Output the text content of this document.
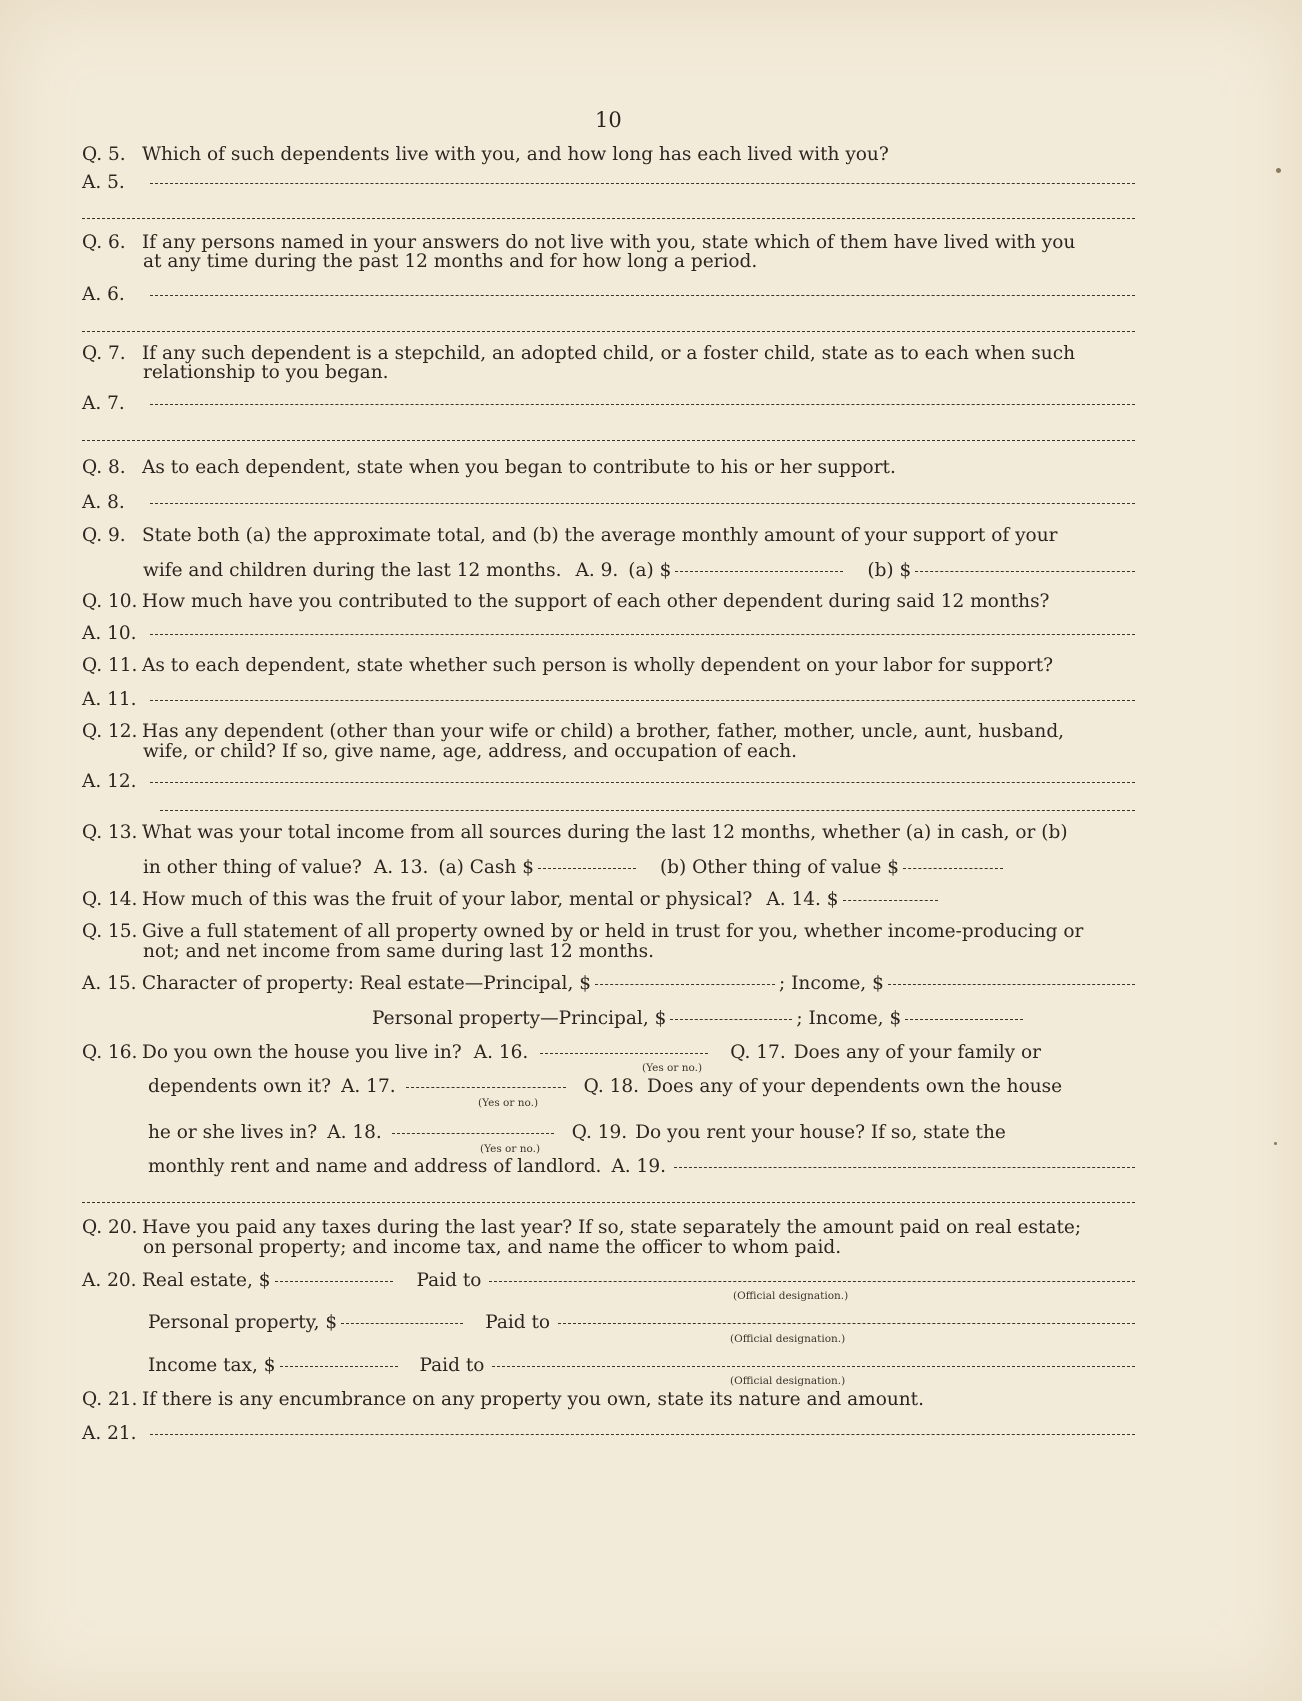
10
Q. 5. Which of such dependents live with you, and how long has each lived with you?
A. 5.
Q. 6. If any persons named in your answers do not live with you, state which of them have lived with you
at any time during the past 12 months and for how long a period.
A. 6.
Q. 7. If any such dependent is a stepchild, an adopted child, or a foster child, state as to each when such
relationship to you began.
A. 7.
Q. 8. As to each dependent, state when you began to contribute to his or her support.
A. 8.
Q. 9. State both (a) the approximate total, and (b) the average monthly amount of your support of your
wife and children during the last 12 months. A. 9. (a) $	(b) $
Q. 10. How much have you contributed to the support of each other dependent during said 12 months?
A. 10.
Q. 11. As to each dependent, state whether such person is wholly dependent on your labor for support?
A. 11.
Q. 12. Has any dependent (other than your wife or child) a brother, father, mother, uncle, aunt, husband,
wife, or child? If so, give name, age, address, and occupation of each.
A. 12.
Q. 13. What was your total income from all sources during the last 12 months, whether (a) in cash, or (b)
in other thing of value? A. 13. (a) Cash $	(b) Other thing of value $
Q. 14. How much of this was the fruit of your labor, mental or physical? A. 14. $
Q. 15. Give a full statement of all property owned by or held in trust for you, whether income-producing or
not; and net income from same during last 12 months.
A. 15. Character of property: Real estate—Principal, $	; Income, $
Personal property—Principal, $	; Income, $
Q. 16. Do you own the house you live in? A. 16.	Q. 17. Does any of your family or
(Yes or no.)
dependents own it? A. 17.	Q. 18. Does any of your dependents own the house
(Yes or no.)
he or she lives in? A. 18.	Q. 19. Do you rent your house? If so, state the
(Yes or no.)
monthly rent and name and address of landlord. A. 19.
Q. 20. Have you paid any taxes during the last year? If so, state separately the amount paid on real estate;
on personal property; and income tax, and name the officer to whom paid.
A. 20. Real estate, $	Paid to
(Official designation.)
Personal property, $	Paid to
(Official designation.)
Income tax, $	Paid to
(Official designation.)
Q. 21. If there is any encumbrance on any property you own, state its nature and amount.
A. 21.
